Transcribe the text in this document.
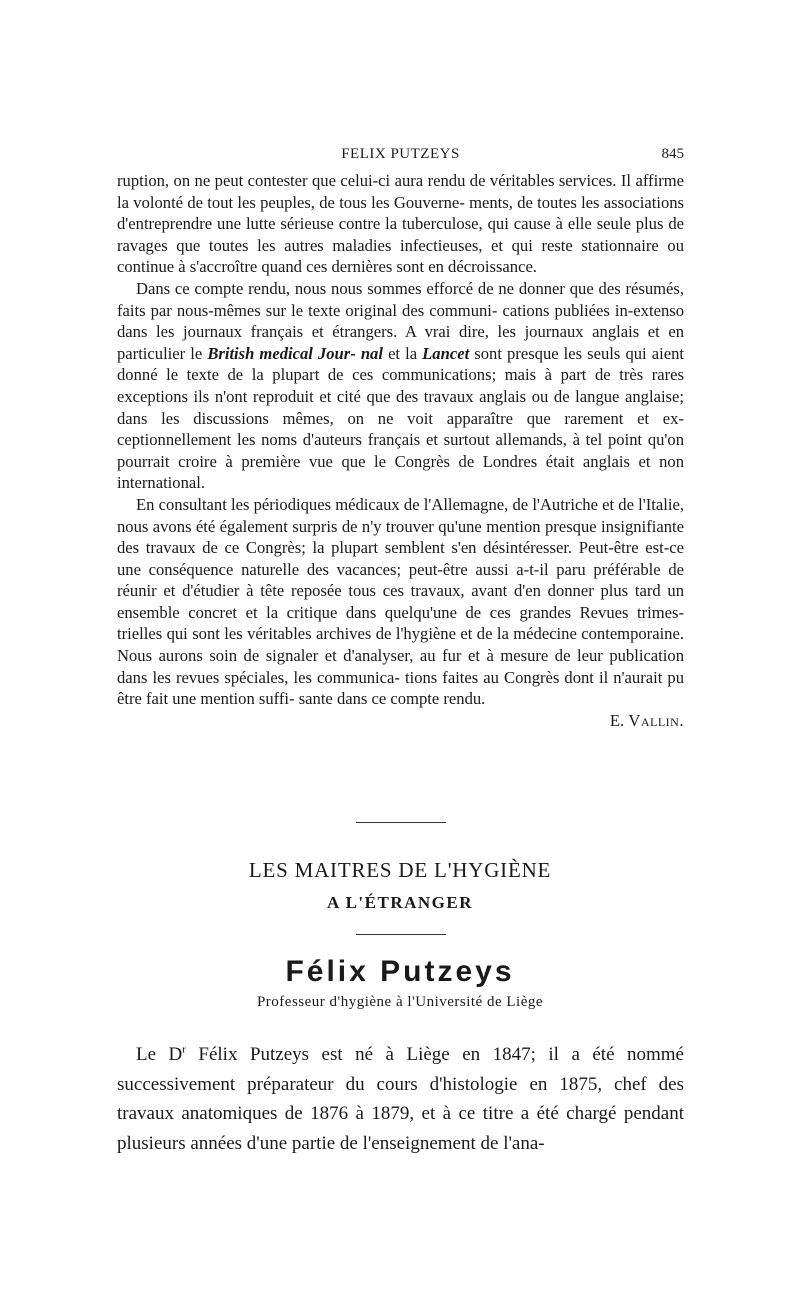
FELIX PUTZEYS	845

ruption, on ne peut contester que celui-ci aura rendu de véritables services. Il affirme la volonté de tout les peuples, de tous les Gouverne- ments, de toutes les associations d'entreprendre une lutte sérieuse contre la tuberculose, qui cause à elle seule plus de ravages que toutes les autres maladies infectieuses, et qui reste stationnaire ou continue à s'accroître quand ces dernières sont en décroissance.

Dans ce compte rendu, nous nous sommes efforcé de ne donner que des résumés, faits par nous-mêmes sur le texte original des communi- cations publiées in-extenso dans les journaux français et étrangers. A vrai dire, les journaux anglais et en particulier le British medical Jour- nal et la Lancet sont presque les seuls qui aient donné le texte de la plupart de ces communications; mais à part de très rares exceptions ils n'ont reproduit et cité que des travaux anglais ou de langue anglaise; dans les discussions mêmes, on ne voit apparaître que rarement et ex- ceptionnellement les noms d'auteurs français et surtout allemands, à tel point qu'on pourrait croire à première vue que le Congrès de Londres était anglais et non international.

En consultant les périodiques médicaux de l'Allemagne, de l'Autriche et de l'Italie, nous avons été également surpris de n'y trouver qu'une mention presque insignifiante des travaux de ce Congrès; la plupart semblent s'en désintéresser. Peut-être est-ce une conséquence naturelle des vacances; peut-être aussi a-t-il paru préférable de réunir et d'étudier à tête reposée tous ces travaux, avant d'en donner plus tard un ensemble concret et la critique dans quelqu'une de ces grandes Revues trimes- trielles qui sont les véritables archives de l'hygiène et de la médecine contemporaine. Nous aurons soin de signaler et d'analyser, au fur et à mesure de leur publication dans les revues spéciales, les communica- tions faites au Congrès dont il n'aurait pu être fait une mention suffi- sante dans ce compte rendu.

E. Vallin.

LES MAITRES DE L'HYGIÈNE
A L'ÉTRANGER
Félix Putzeys
Professeur d'hygiène à l'Université de Liège

Le $D^r$ Félix Putzeys est né à Liège en 1847; il a été nommé successivement préparateur du cours d'histologie en 1875, chef des travaux anatomiques de 1876 à 1879, et à ce titre a été chargé pendant plusieurs années d'une partie de l'enseignement de l'ana-
